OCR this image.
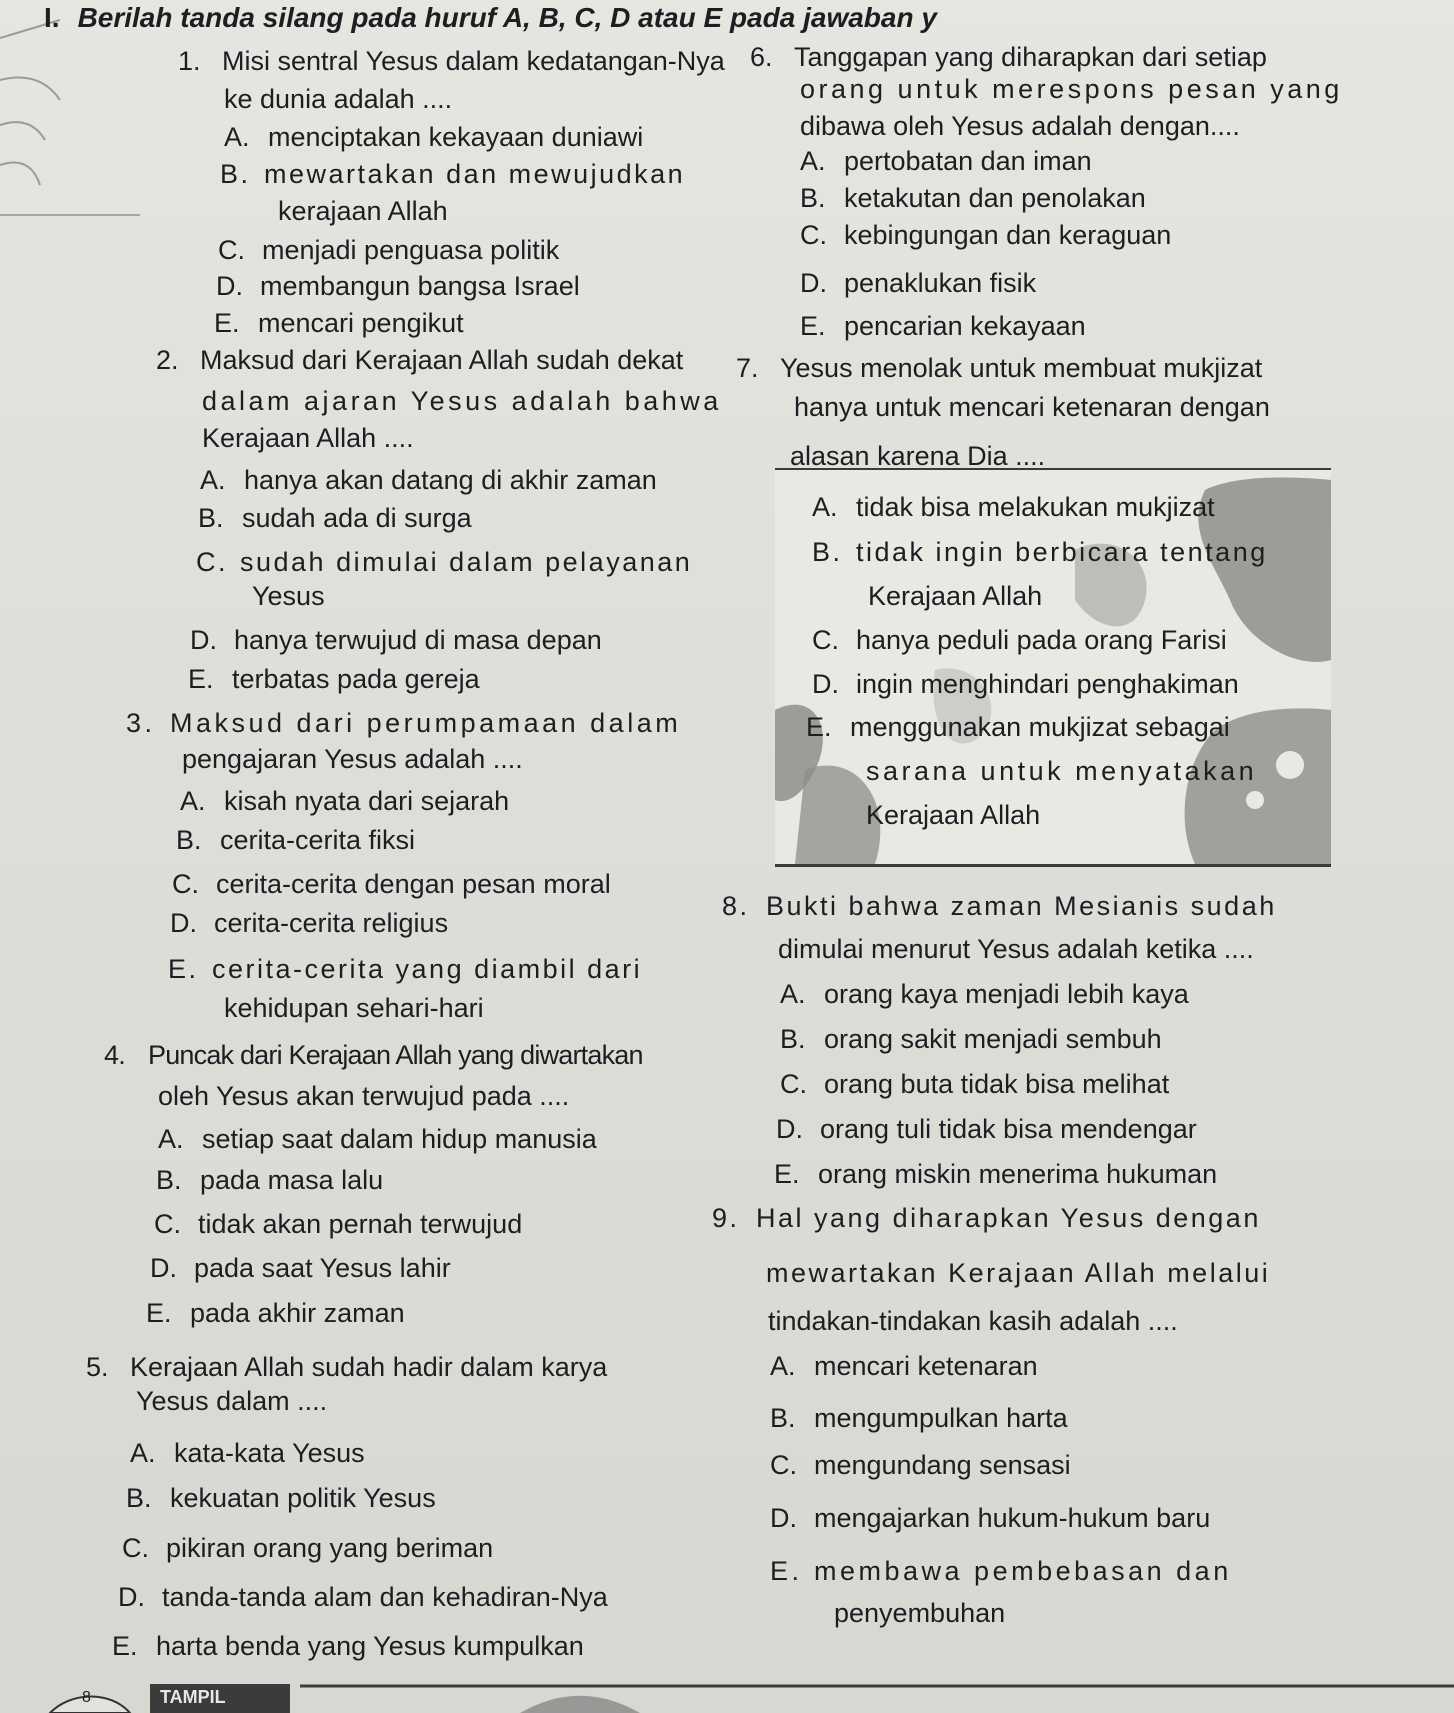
I. Berilah tanda silang pada huruf A, B, C, D atau E pada jawaban y
1. Misi sentral Yesus dalam kedatangan-Nya
ke dunia adalah ....
A. menciptakan kekayaan duniawi
B. mewartakan dan mewujudkan
kerajaan Allah
C. menjadi penguasa politik
D. membangun bangsa Israel
E. mencari pengikut
2. Maksud dari Kerajaan Allah sudah dekat
dalam ajaran Yesus adalah bahwa
Kerajaan Allah ....
A. hanya akan datang di akhir zaman
B. sudah ada di surga
C. sudah dimulai dalam pelayanan
Yesus
D. hanya terwujud di masa depan
E. terbatas pada gereja
3. Maksud dari perumpamaan dalam
pengajaran Yesus adalah ....
A. kisah nyata dari sejarah
B. cerita-cerita fiksi
C. cerita-cerita dengan pesan moral
D. cerita-cerita religius
E. cerita-cerita yang diambil dari
kehidupan sehari-hari
4. Puncak dari Kerajaan Allah yang diwartakan
oleh Yesus akan terwujud pada ....
A. setiap saat dalam hidup manusia
B. pada masa lalu
C. tidak akan pernah terwujud
D. pada saat Yesus lahir
E. pada akhir zaman
5. Kerajaan Allah sudah hadir dalam karya
Yesus dalam ....
A. kata-kata Yesus
B. kekuatan politik Yesus
C. pikiran orang yang beriman
D. tanda-tanda alam dan kehadiran-Nya
E. harta benda yang Yesus kumpulkan
6. Tanggapan yang diharapkan dari setiap
orang untuk merespons pesan yang
dibawa oleh Yesus adalah dengan....
A. pertobatan dan iman
B. ketakutan dan penolakan
C. kebingungan dan keraguan
D. penaklukan fisik
E. pencarian kekayaan
7. Yesus menolak untuk membuat mukjizat
hanya untuk mencari ketenaran dengan
alasan karena Dia ....
A. tidak bisa melakukan mukjizat
B. tidak ingin berbicara tentang
Kerajaan Allah
C. hanya peduli pada orang Farisi
D. ingin menghindari penghakiman
E. menggunakan mukjizat sebagai
sarana untuk menyatakan
Kerajaan Allah
8. Bukti bahwa zaman Mesianis sudah
dimulai menurut Yesus adalah ketika ....
A. orang kaya menjadi lebih kaya
B. orang sakit menjadi sembuh
C. orang buta tidak bisa melihat
D. orang tuli tidak bisa mendengar
E. orang miskin menerima hukuman
9. Hal yang diharapkan Yesus dengan
mewartakan Kerajaan Allah melalui
tindakan-tindakan kasih adalah ....
A. mencari ketenaran
B. mengumpulkan harta
C. mengundang sensasi
D. mengajarkan hukum-hukum baru
E. membawa pembebasan dan
penyembuhan
8	TAMPIL
